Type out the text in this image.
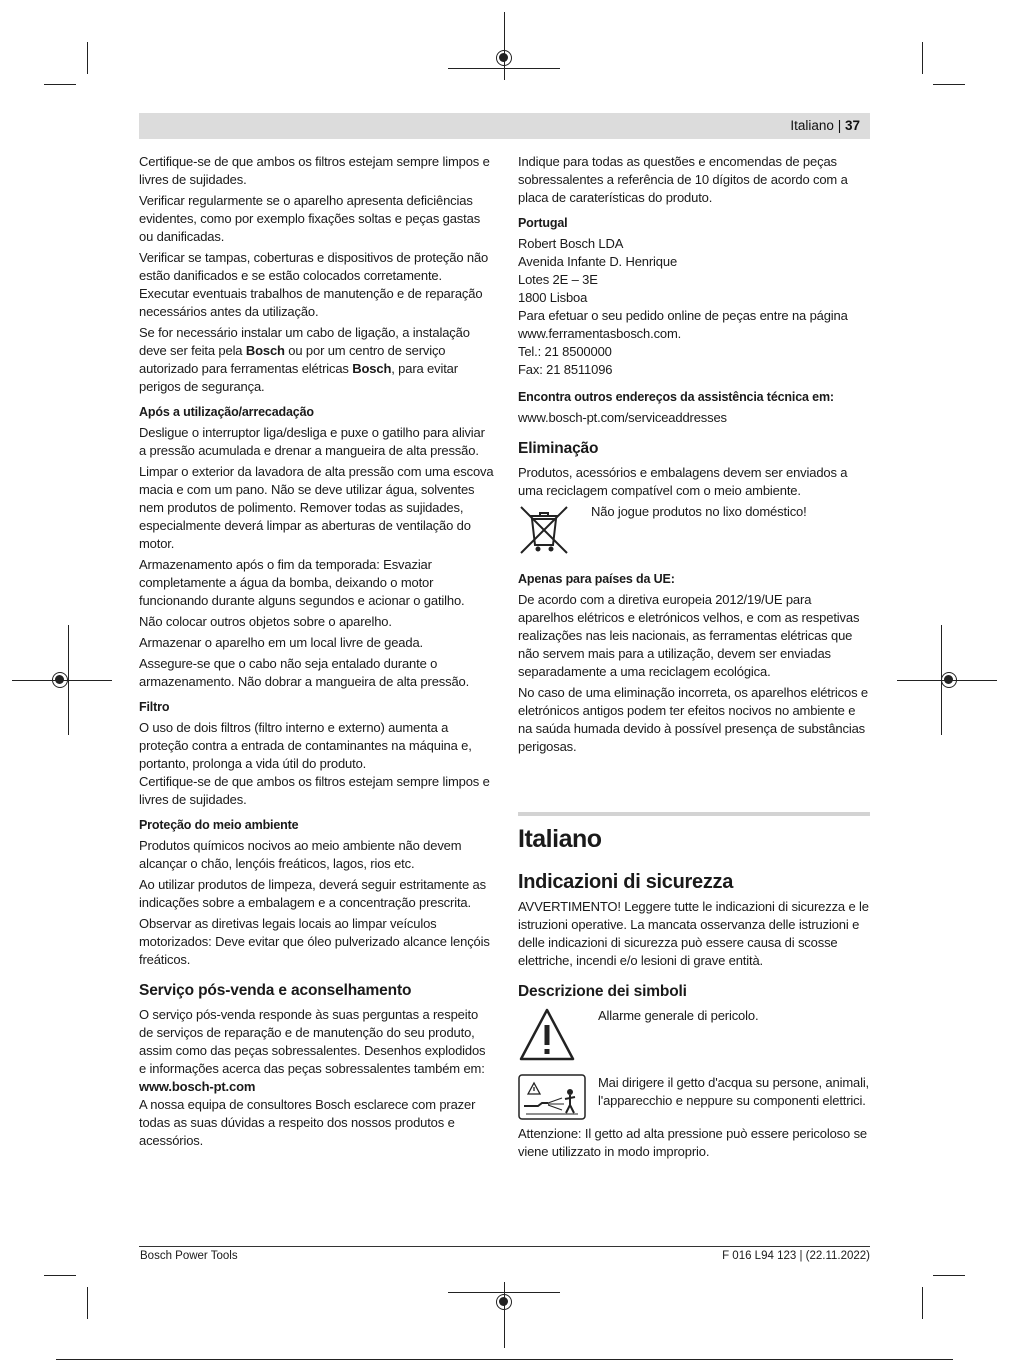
Italiano | 37

Certifique-se de que ambos os filtros estejam sempre limpos e livres de sujidades.

Verificar regularmente se o aparelho apresenta deficiências evidentes, como por exemplo fixações soltas e peças gastas ou danificadas.

Verificar se tampas, coberturas e dispositivos de proteção não estão danificados e se estão colocados corretamente. Executar eventuais trabalhos de manutenção e de reparação necessários antes da utilização.

Se for necessário instalar um cabo de ligação, a instalação deve ser feita pela Bosch ou por um centro de serviço autorizado para ferramentas elétricas Bosch, para evitar perigos de segurança.

Após a utilização/arrecadação

Desligue o interruptor liga/desliga e puxe o gatilho para aliviar a pressão acumulada e drenar a mangueira de alta pressão.

Limpar o exterior da lavadora de alta pressão com uma escova macia e com um pano. Não se deve utilizar água, solventes nem produtos de polimento. Remover todas as sujidades, especialmente deverá limpar as aberturas de ventilação do motor.

Armazenamento após o fim da temporada: Esvaziar completamente a água da bomba, deixando o motor funcionando durante alguns segundos e acionar o gatilho.

Não colocar outros objetos sobre o aparelho.

Armazenar o aparelho em um local livre de geada.

Assegure-se que o cabo não seja entalado durante o armazenamento. Não dobrar a mangueira de alta pressão.

Filtro

O uso de dois filtros (filtro interno e externo) aumenta a proteção contra a entrada de contaminantes na máquina e, portanto, prolonga a vida útil do produto.

Certifique-se de que ambos os filtros estejam sempre limpos e livres de sujidades.

Proteção do meio ambiente

Produtos químicos nocivos ao meio ambiente não devem alcançar o chão, lençóis freáticos, lagos, rios etc.

Ao utilizar produtos de limpeza, deverá seguir estritamente as indicações sobre a embalagem e a concentração prescrita.

Observar as diretivas legais locais ao limpar veículos motorizados: Deve evitar que óleo pulverizado alcance lençóis freáticos.

Serviço pós-venda e aconselhamento

O serviço pós-venda responde às suas perguntas a respeito de serviços de reparação e de manutenção do seu produto, assim como das peças sobressalentes. Desenhos explodidos e informações acerca das peças sobressalentes também em:

www.bosch-pt.com

A nossa equipa de consultores Bosch esclarece com prazer todas as suas dúvidas a respeito dos nossos produtos e acessórios.

Indique para todas as questões e encomendas de peças sobressalentes a referência de 10 dígitos de acordo com a placa de caraterísticas do produto.

Portugal

Robert Bosch LDA

Avenida Infante D. Henrique

Lotes 2E – 3E

1800 Lisboa

Para efetuar o seu pedido online de peças entre na página www.ferramentasbosch.com.

Tel.: 21 8500000

Fax: 21 8511096

Encontra outros endereços da assistência técnica em:

www.bosch-pt.com/serviceaddresses

Eliminação

Produtos, acessórios e embalagens devem ser enviados a uma reciclagem compatível com o meio ambiente.

Não jogue produtos no lixo doméstico!
Apenas para países da UE:

De acordo com a diretiva europeia 2012/19/UE para aparelhos elétricos e eletrónicos velhos, e com as respetivas realizações nas leis nacionais, as ferramentas elétricas que não servem mais para a utilização, devem ser enviadas separadamente a uma reciclagem ecológica.

No caso de uma eliminação incorreta, os aparelhos elétricos e eletrónicos antigos podem ter efeitos nocivos no ambiente e na saúda humada devido à possível presença de substâncias perigosas.

Italiano
Indicazioni di sicurezza

AVVERTIMENTO! Leggere tutte le indicazioni di sicurezza e le istruzioni operative. La mancata osservanza delle istruzioni e delle indicazioni di sicurezza può essere causa di scosse elettriche, incendi e/o lesioni di grave entità.

Descrizione dei simboli
Allarme generale di pericolo.
Mai dirigere il getto d'acqua su persone, animali, l'apparecchio e neppure su componenti elettrici.

Attenzione: Il getto ad alta pressione può essere pericoloso se viene utilizzato in modo improprio.

Bosch Power Tools	F 016 L94 123 | (22.11.2022)
